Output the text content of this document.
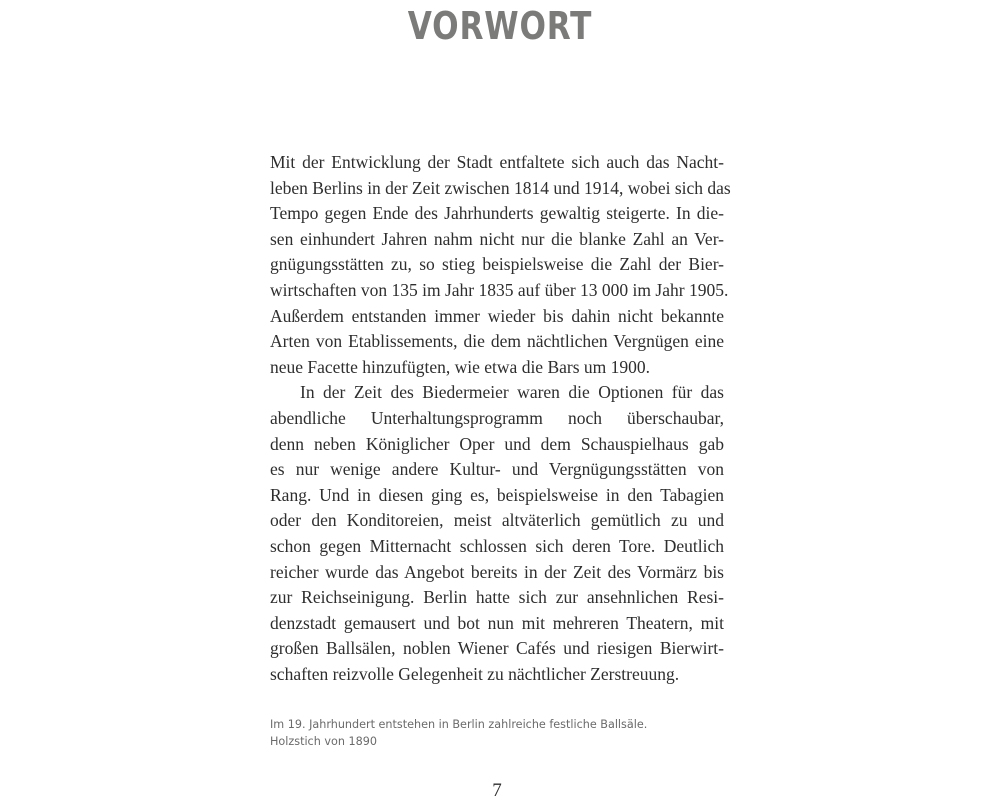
VORWORT
Mit der Entwicklung der Stadt entfaltete sich auch das Nacht-
leben Berlins in der Zeit zwischen 1814 und 1914, wobei sich das
Tempo gegen Ende des Jahrhunderts gewaltig steigerte. In die-
sen einhundert Jahren nahm nicht nur die blanke Zahl an Ver-
gnügungsstätten zu, so stieg beispielsweise die Zahl der Bier-
wirtschaften von 135 im Jahr 1835 auf über 13 000 im Jahr 1905.
Außerdem entstanden immer wieder bis dahin nicht bekannte
Arten von Etablissements, die dem nächtlichen Vergnügen eine
neue Facette hinzufügten, wie etwa die Bars um 1900.
In der Zeit des Biedermeier waren die Optionen für das
abendliche Unterhaltungsprogramm noch überschaubar,
denn neben Königlicher Oper und dem Schauspielhaus gab
es nur wenige andere Kultur- und Vergnügungsstätten von
Rang. Und in diesen ging es, beispielsweise in den Tabagien
oder den Konditoreien, meist altväterlich gemütlich zu und
schon gegen Mitternacht schlossen sich deren Tore. Deutlich
reicher wurde das Angebot bereits in der Zeit des Vormärz bis
zur Reichseinigung. Berlin hatte sich zur ansehnlichen Resi-
denzstadt gemausert und bot nun mit mehreren Theatern, mit
großen Ballsälen, noblen Wiener Cafés und riesigen Bierwirt-
schaften reizvolle Gelegenheit zu nächtlicher Zerstreuung.
Im 19. Jahrhundert entstehen in Berlin zahlreiche festliche Ballsäle.
Holzstich von 1890
7
